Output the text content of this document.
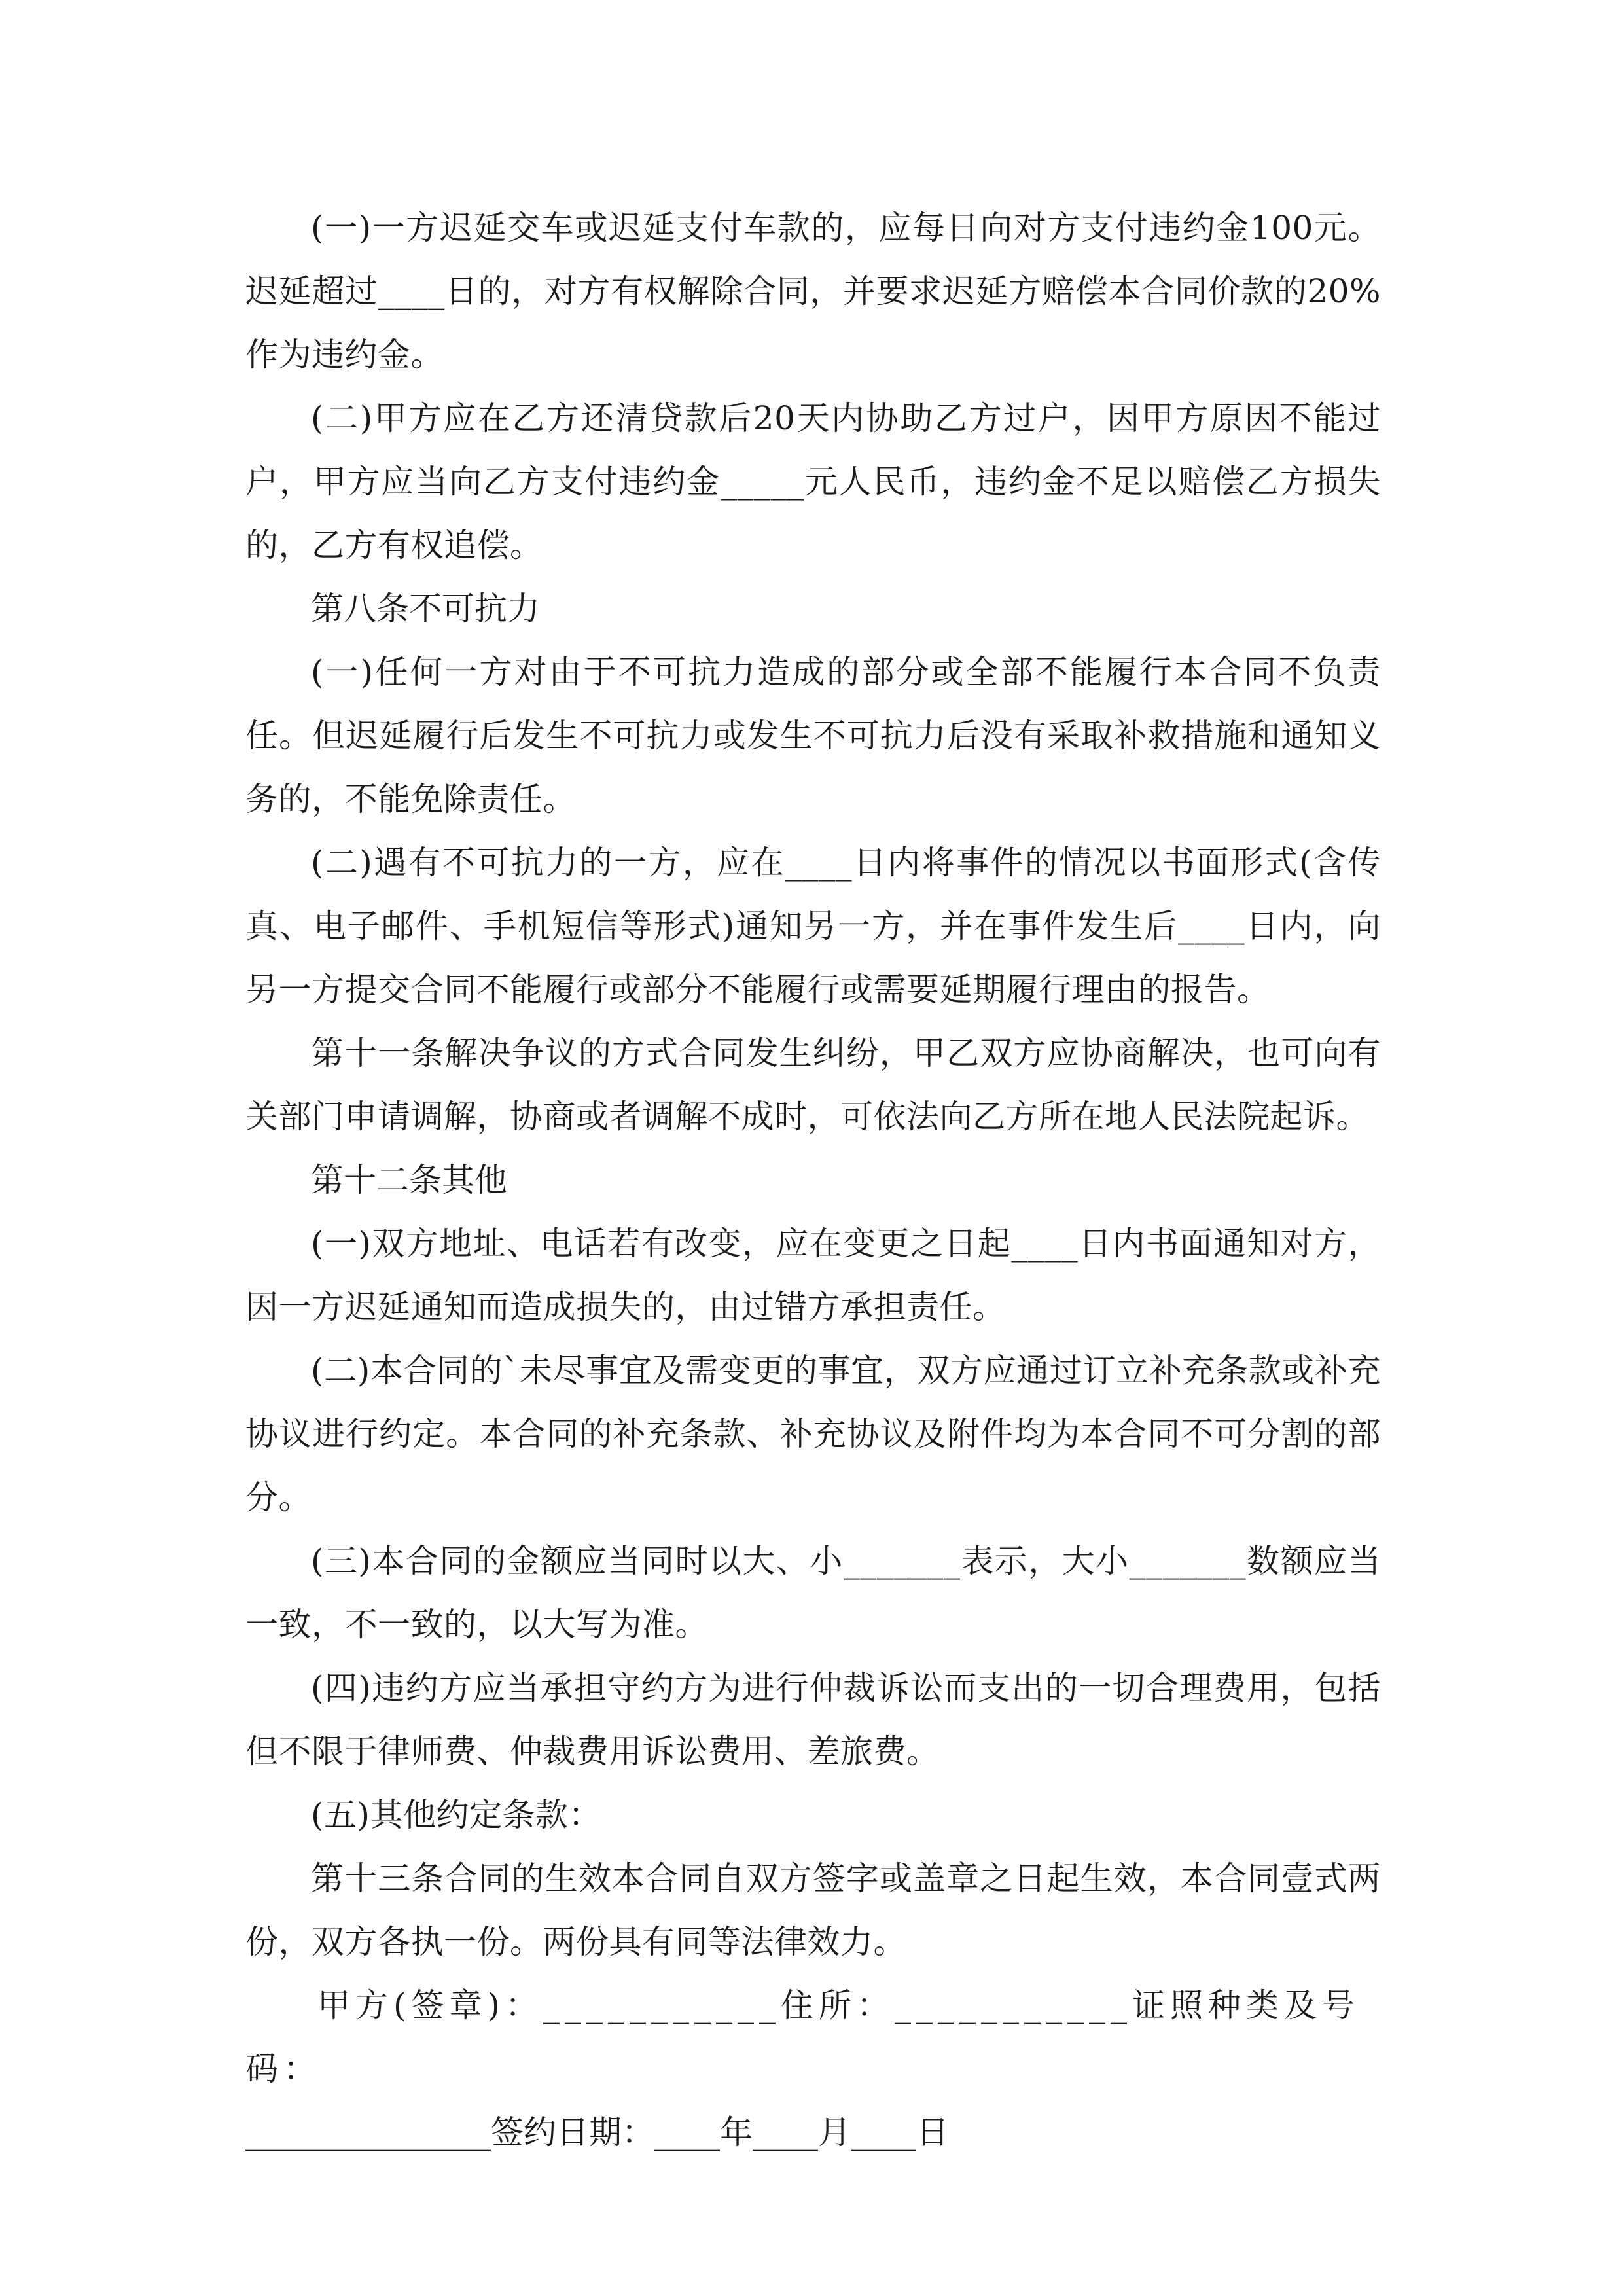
(一)一方迟延交车或迟延支付车款的，应每日向对方支付违约金100元。迟延超过____日的，对方有权解除合同，并要求迟延方赔偿本合同价款的20%作为违约金。

(二)甲方应在乙方还清贷款后20天内协助乙方过户，因甲方原因不能过户，甲方应当向乙方支付违约金_____元人民币，违约金不足以赔偿乙方损失的，乙方有权追偿。

第八条不可抗力

(一)任何一方对由于不可抗力造成的部分或全部不能履行本合同不负责任。但迟延履行后发生不可抗力或发生不可抗力后没有采取补救措施和通知义务的，不能免除责任。

(二)遇有不可抗力的一方，应在____日内将事件的情况以书面形式(含传真、电子邮件、手机短信等形式)通知另一方，并在事件发生后____日内，向另一方提交合同不能履行或部分不能履行或需要延期履行理由的报告。

第十一条解决争议的方式合同发生纠纷，甲乙双方应协商解决，也可向有关部门申请调解，协商或者调解不成时，可依法向乙方所在地人民法院起诉。

第十二条其他

(一)双方地址、电话若有改变，应在变更之日起____日内书面通知对方，因一方迟延通知而造成损失的，由过错方承担责任。

(二)本合同的`未尽事宜及需变更的事宜，双方应通过订立补充条款或补充协议进行约定。本合同的补充条款、补充协议及附件均为本合同不可分割的部分。

(三)本合同的金额应当同时以大、小_______表示，大小_______数额应当一致，不一致的，以大写为准。

(四)违约方应当承担守约方为进行仲裁诉讼而支出的一切合理费用，包括但不限于律师费、仲裁费用诉讼费用、差旅费。

(五)其他约定条款：

第十三条合同的生效本合同自双方签字或盖章之日起生效，本合同壹式两份，双方各执一份。两份具有同等法律效力。

甲方(签章)：___________住所：___________证照种类及号码：

_______________签约日期：____年____月____日
